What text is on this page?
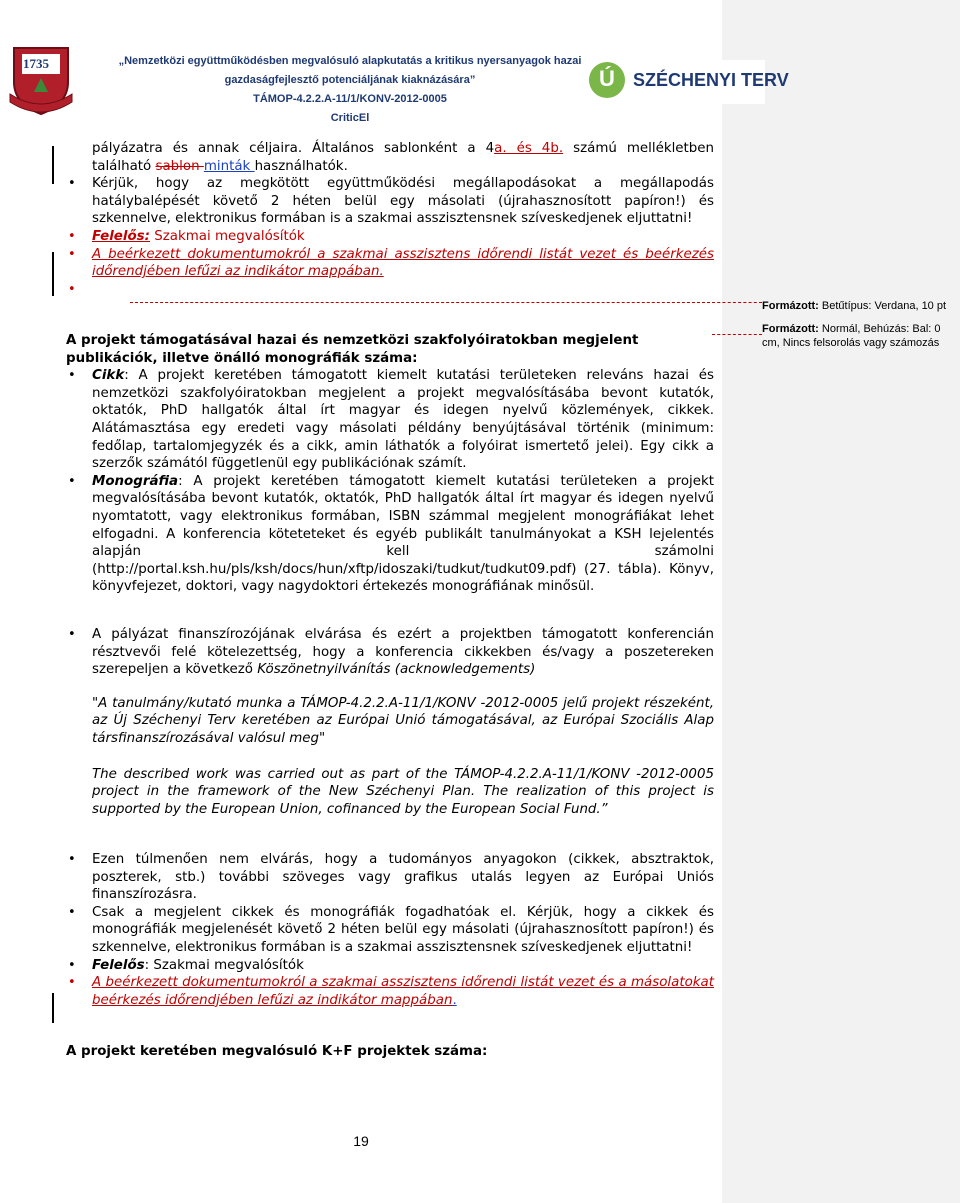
1735	„Nemzetközi együttműködésben megvalósuló alapkutatás a kritikus nyersanyagok hazai
gazdaságfejlesztő potenciáljának kiaknázására”
TÁMOP-4.2.2.A-11/1/KONV-2012-0005
CriticEl
Ú	SZÉCHENYI TERV

pályázatra és annak céljaira. Általános sablonként a 4a. és 4b. számú mellékletben található sablon minták használhatók.

• Kérjük, hogy az megkötött együttműködési megállapodásokat a megállapodás hatálybalépését követő 2 héten belül egy másolati (újrahasznosított papíron!) és szkennelve, elektronikus formában is a szakmai asszisztensnek szíveskedjenek eljuttatni!

• Felelős: Szakmai megvalósítók

• A beérkezett dokumentumokról a szakmai asszisztens időrendi listát vezet és beérkezés időrendjében lefűzi az indikátor mappában.

•

A projekt támogatásával hazai és nemzetközi szakfolyóiratokban megjelent publikációk, illetve önálló monográfiák száma:

• Cikk: A projekt keretében támogatott kiemelt kutatási területeken releváns hazai és nemzetközi szakfolyóiratokban megjelent a projekt megvalósításába bevont kutatók, oktatók, PhD hallgatók által írt magyar és idegen nyelvű közlemények, cikkek. Alátámasztása egy eredeti vagy másolati példány benyújtásával történik (minimum: fedőlap, tartalomjegyzék és a cikk, amin láthatók a folyóirat ismertető jelei). Egy cikk a szerzők számától függetlenül egy publikációnak számít.

• Monográfia: A projekt keretében támogatott kiemelt kutatási területeken a projekt megvalósításába bevont kutatók, oktatók, PhD hallgatók által írt magyar és idegen nyelvű nyomtatott, vagy elektronikus formában, ISBN számmal megjelent monográfiákat lehet elfogadni. A konferencia köteteteket és egyéb publikált tanulmányokat a KSH lejelentés alapján kell számolni (http://portal.ksh.hu/pls/ksh/docs/hun/xftp/idoszaki/tudkut/tudkut09.pdf) (27. tábla). Könyv, könyvfejezet, doktori, vagy nagydoktori értekezés monográfiának minősül.

• A pályázat finanszírozójának elvárása és ezért a projektben támogatott konferencián résztvevői felé kötelezettség, hogy a konferencia cikkekben és/vagy a poszetereken szerepeljen a következő Köszönetnyilvánítás (acknowledgements)

"A tanulmány/kutató munka a TÁMOP-4.2.2.A-11/1/KONV -2012-0005 jelű projekt részeként, az Új Széchenyi Terv keretében az Európai Unió támogatásával, az Európai Szociális Alap társfinanszírozásával valósul meg"

The described work was carried out as part of the TÁMOP-4.2.2.A-11/1/KONV -2012-0005 project in the framework of the New Széchenyi Plan. The realization of this project is supported by the European Union, cofinanced by the European Social Fund.”

• Ezen túlmenően nem elvárás, hogy a tudományos anyagokon (cikkek, absztraktok, poszterek, stb.) további szöveges vagy grafikus utalás legyen az Európai Uniós finanszírozásra.

• Csak a megjelent cikkek és monográfiák fogadhatóak el. Kérjük, hogy a cikkek és monográfiák megjelenését követő 2 héten belül egy másolati (újrahasznosított papíron!) és szkennelve, elektronikus formában is a szakmai asszisztensnek szíveskedjenek eljuttatni!

• Felelős: Szakmai megvalósítók

• A beérkezett dokumentumokról a szakmai asszisztens időrendi listát vezet és a másolatokat beérkezés időrendjében lefűzi az indikátor mappában.

A projekt keretében megvalósuló K+F projektek száma:

Formázott: Betűtípus: Verdana, 10 pt
Formázott: Normál, Behúzás: Bal: 0
cm, Nincs felsorolás vagy számozás
19
